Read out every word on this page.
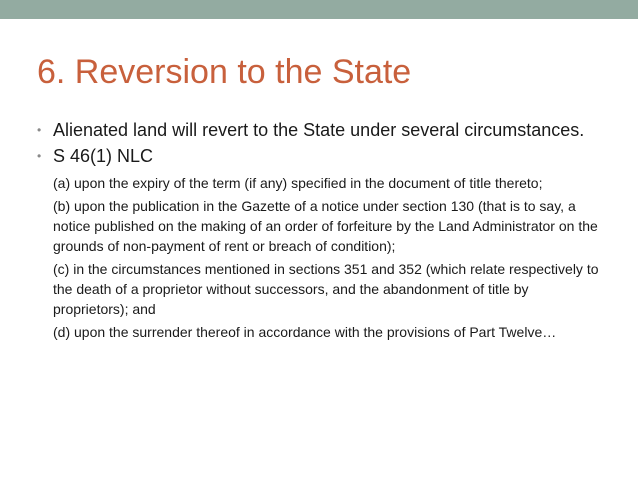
6. Reversion to the State
• Alienated land will revert to the State under several circumstances.
• S 46(1) NLC
(a) upon the expiry of the term (if any) specified in the document of title thereto;
(b) upon the publication in the Gazette of a notice under section 130 (that is to say, a notice published on the making of an order of forfeiture by the Land Administrator on the grounds of non-payment of rent or breach of condition);
(c) in the circumstances mentioned in sections 351 and 352 (which relate respectively to the death of a proprietor without successors, and the abandonment of title by proprietors); and
(d) upon the surrender thereof in accordance with the provisions of Part Twelve…
